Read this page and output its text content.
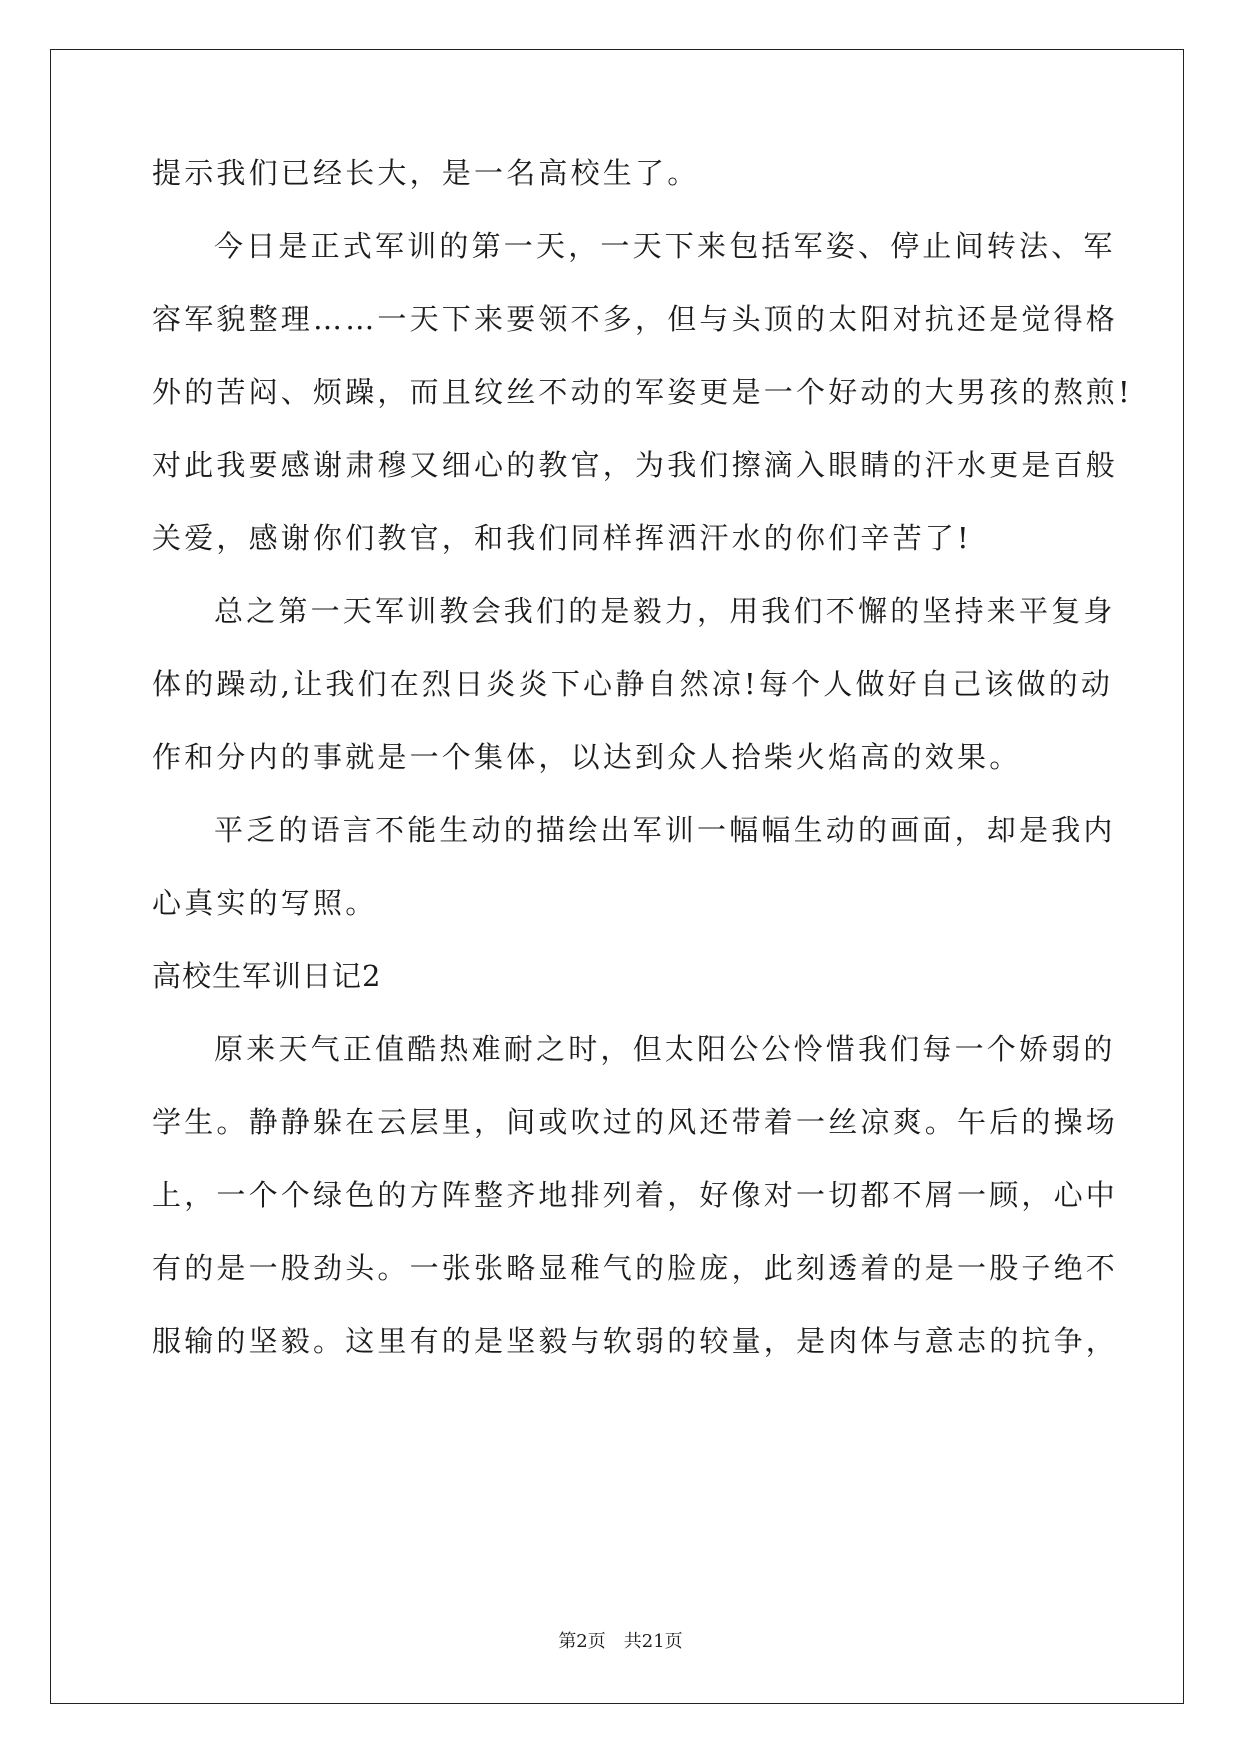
提示我们已经长大，是一名高校生了。
今日是正式军训的第一天，一天下来包括军姿、停止间转法、军
容军貌整理……一天下来要领不多，但与头顶的太阳对抗还是觉得格
外的苦闷、烦躁，而且纹丝不动的军姿更是一个好动的大男孩的熬煎!
对此我要感谢肃穆又细心的教官，为我们擦滴入眼睛的汗水更是百般
关爱，感谢你们教官，和我们同样挥洒汗水的你们辛苦了!
总之第一天军训教会我们的是毅力，用我们不懈的坚持来平复身
体的躁动,让我们在烈日炎炎下心静自然凉!每个人做好自己该做的动
作和分内的事就是一个集体，以达到众人拾柴火焰高的效果。
平乏的语言不能生动的描绘出军训一幅幅生动的画面，却是我内
心真实的写照。
高校生军训日记2
原来天气正值酷热难耐之时，但太阳公公怜惜我们每一个娇弱的
学生。静静躲在云层里，间或吹过的风还带着一丝凉爽。午后的操场
上，一个个绿色的方阵整齐地排列着，好像对一切都不屑一顾，心中
有的是一股劲头。一张张略显稚气的脸庞，此刻透着的是一股子绝不
服输的坚毅。这里有的是坚毅与软弱的较量，是肉体与意志的抗争，
第2页 共21页
